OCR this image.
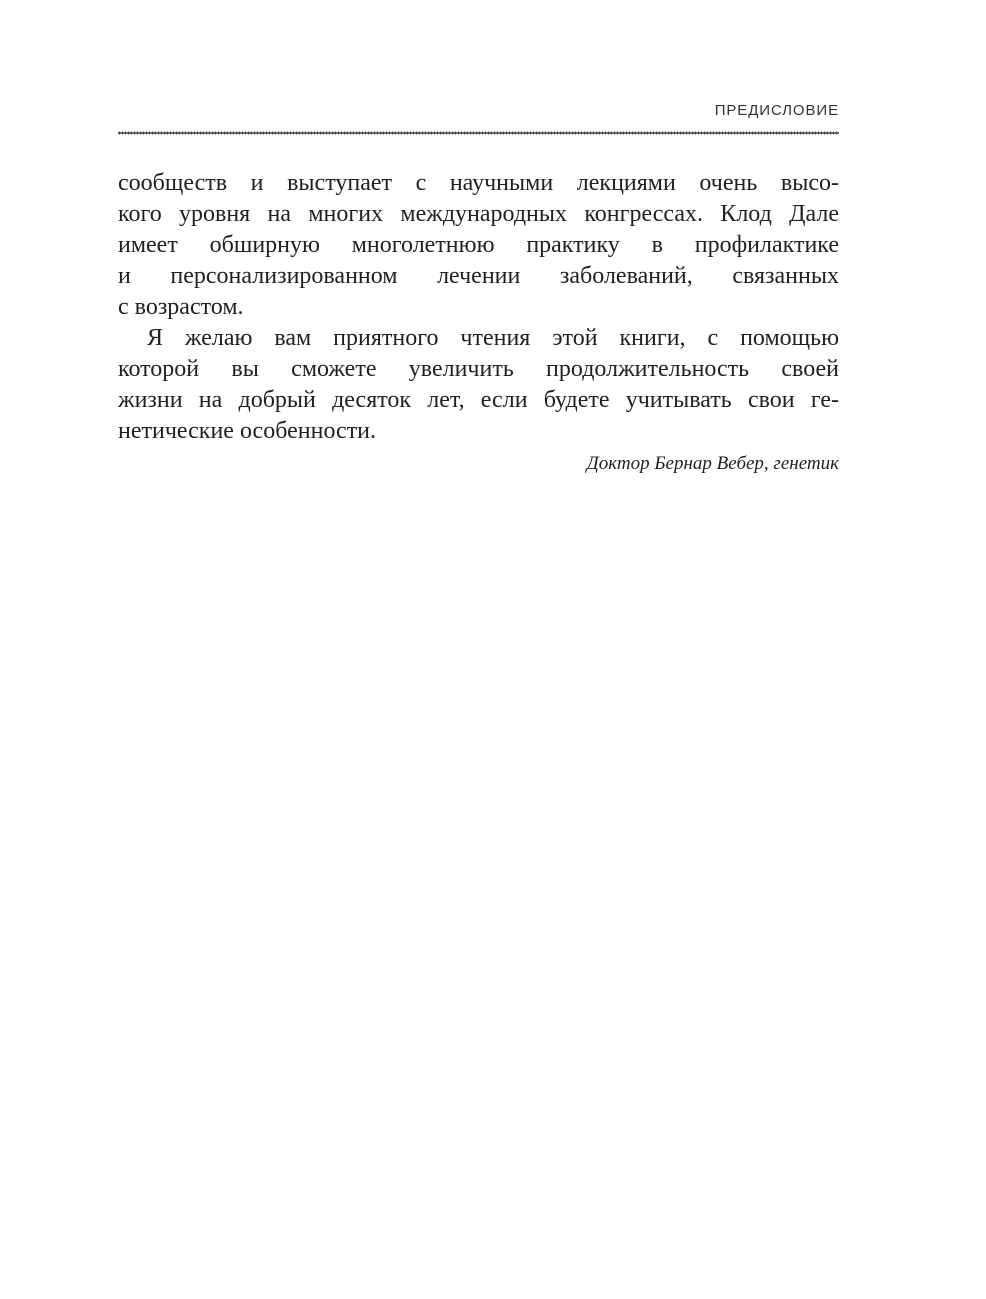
ПРЕДИСЛОВИЕ
сообществ и выступает с научными лекциями очень высо-
кого уровня на многих международных конгрессах. Клод Дале
имеет обширную многолетнюю практику в профилактике
и персонализированном лечении заболеваний, связанных
с возрастом.
Я желаю вам приятного чтения этой книги, с помощью
которой вы сможете увеличить продолжительность своей
жизни на добрый десяток лет, если будете учитывать свои ге-
нетические особенности.
Доктор Бернар Вебер, генетик
